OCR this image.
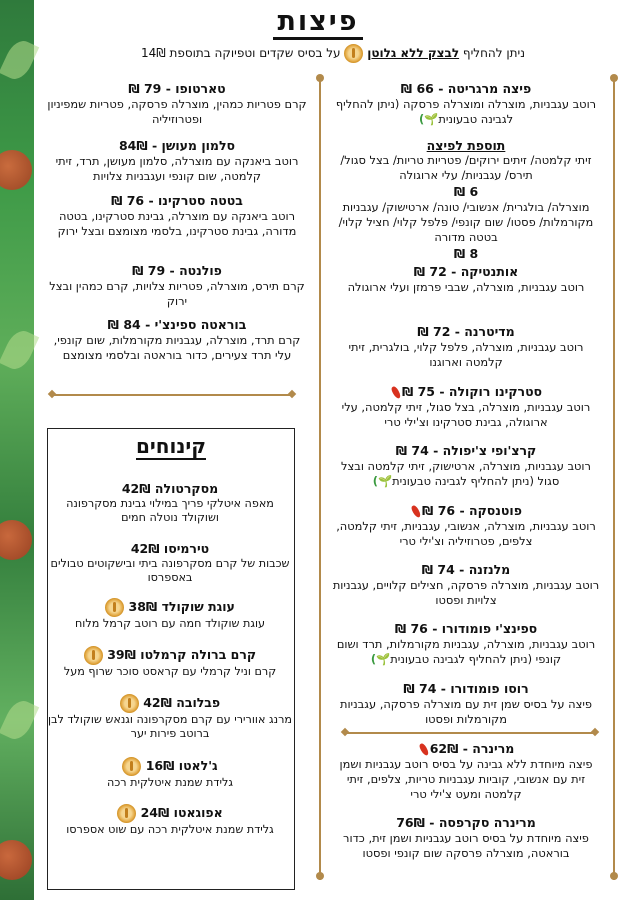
פיצות
ניתן להחליף לבצק ללא גלוטן  על בסיס שקדים וטפיוקה בתוספת 14₪
פיצה מרגריטה - 66 ₪
רוטב עגבניות, מוצרלה ומוצרלה פרסקה (ניתן להחליף לגבינה טבעונית🌱)
תוספת לפיצה
זיתי קלמטה/ זיתים ירוקים/ פטריות טריות/ בצל סגול/ תירס/ עגבניות/ עלי ארוגולה
6 ₪
מוצרלה/ בולגרית/ אנשובי/ טונה/ ארטישוק/ עגבניות מקורמלות/ פסטו/ שום קונפי/ פלפל קלוי/ חציל קלוי/ בטטה מדורה
8 ₪
אותנטיקה - 72 ₪
רוטב עגבניות, מוצרלה, שבבי פרמזן ועלי ארוגולה
מדיטרנה - 72 ₪
רוטב עגבניות, מוצרלה, פלפל קלוי, בולגרית, זיתי קלמטה וארוגנו
סטרקינו רוקולה - 75 ₪
רוטב עגבניות, מוצרלה, בצל סגול, זיתי קלמטה, עלי ארוגולה, גבינת סטרקינו וצ'ילי טרי
קרצ'ופי צ'יפולה - 74 ₪
רוטב עגבניות, מוצרלה, ארטישוק, זיתי קלמטה ובצל סגול (ניתן להחליף לגבינה טבעונית🌱)
פוטנסקה - 76 ₪
רוטב עגבניות, מוצרלה, אנשובי, עגבניות, זיתי קלמטה, צלפים, פטרוזיליה וצ'ילי טרי
מלנזנה - 74 ₪
רוטב עגבניות, מוצרלה פרסקה, חצילים קלויים, עגבניות צלויות ופסטו
ספינצ'י פומודורו - 76 ₪
רוטב עגבניות, מוצרלה, עגבניות מקורמלות, תרד ושום קונפי (ניתן להחליף לגבינה טבעונית🌱)
רוסו פומודורו - 74 ₪
פיצה על בסיס שמן זית עם מוצרלה פרסקה, עגבניות מקורמלות ופסטו
מרינרה - 62₪
פיצה מיוחדת ללא גבינה על בסיס רוטב עגבניות ושמן זית עם אנשובי, קוביות עגבניות טריות, צלפים, זיתי קלמטה ומעט צ'ילי טרי
מרינרה סקרפסה - 76₪
פיצה מיוחדת על בסיס רוטב עגבניות ושמן זית, כדור בוראטה, מוצרלה פרסקה שום קונפי ופסטו
טארטופו - 79 ₪
קרם פטריות כמהין, מוצרלה פרסקה, פטריות שמפיניון ופטרוזיליה
סלמון מעושן - 84₪
רוטב ביאנקה עם מוצרלה, סלמון מעושן, תרד, זיתי קלמטה, שום קונפי ועגבניות צלויות
בטטה סטרקינו - 76 ₪
רוטב ביאנקה עם מוצרלה, גבינת סטרקינו, בטטה מדורה, גבינת סטרקינו, בלסמי מצומצם ובצל ירוק
פולנטה - 79 ₪
קרם תירס, מוצרלה, פטריות צלויות, קרם כמהין ובצל ירוק
בוראטה ספינצ'י - 84 ₪
קרם תרד, מוצרלה, עגבניות מקורמלות, שום קונפי, עלי תרד צעירים, כדור בוראטה ובלסמי מצומצם
קינוחים
מסקרטולה 42₪
מאפה איטלקי פריך במילוי גבינת מסקרפונה ושוקולד נוטלה חמים
טירמיסו 42₪
שכבות של קרם מסקרפונה ביתי ובישקוטים טבולים באספרסו
עוגת שוקולד 38₪
עוגת שוקולד חמה עם רוטב קרמל מלוח
קרם ברולה קרמלטו 39₪
קרם וניל קרמלי עם קראסט סוכר שרוף מעל
פבלובה 42₪
מרנג אוורירי עם קרם מסקרפונה וגנאש שוקולד לבן ברוטב פירות יער
ג'לאטו 16₪
גלידת שמנת איטלקית רכה
אפוגאטו 24₪
גלידת שמנת איטלקית רכה עם שוט אספרסו
